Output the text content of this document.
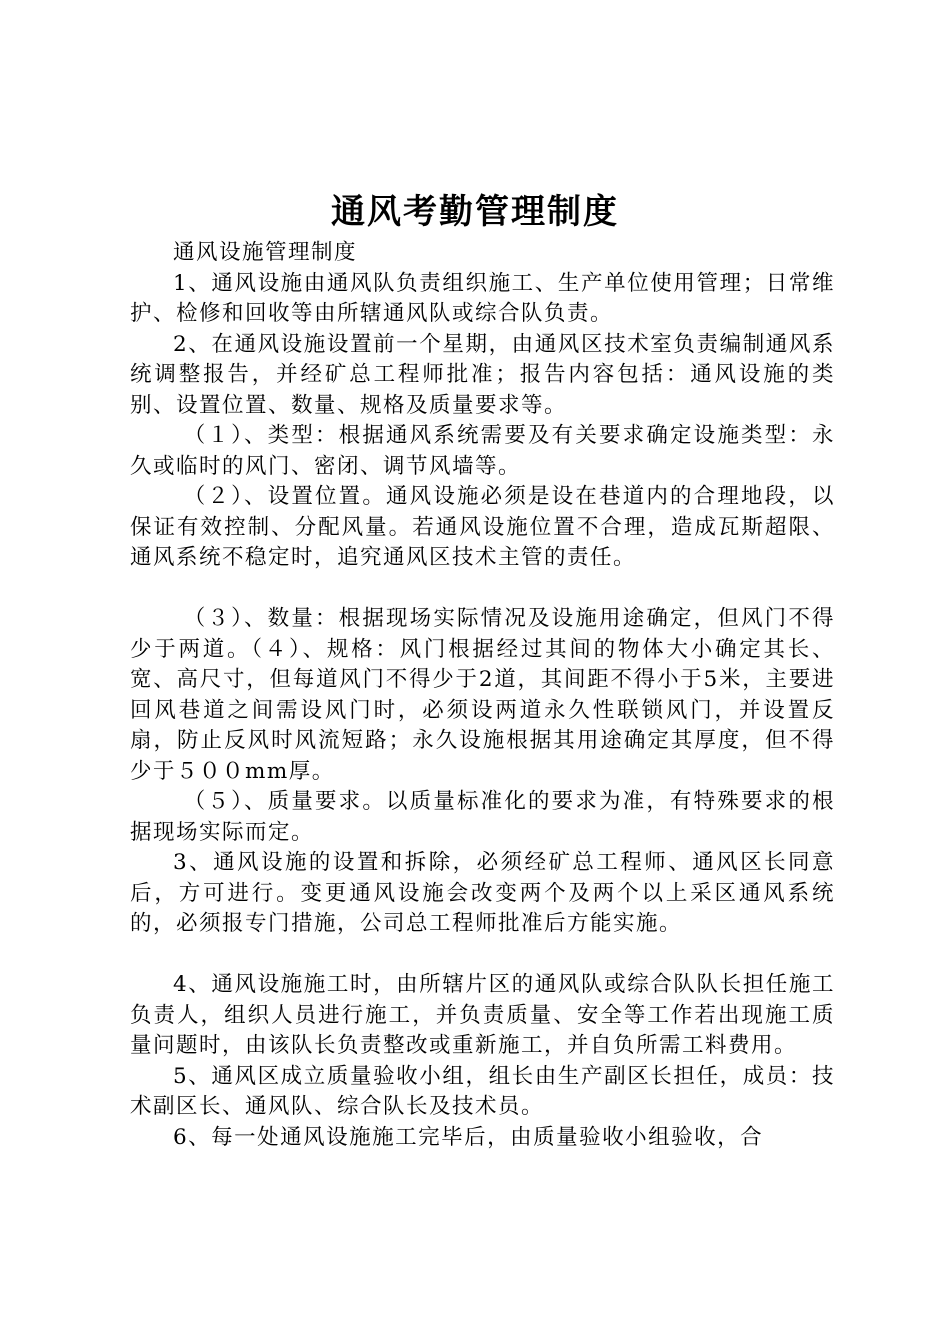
通风考勤管理制度

通风设施管理制度

1、通风设施由通风队负责组织施工、生产单位使用管理；日常维护、检修和回收等由所辖通风队或综合队负责。

2、在通风设施设置前一个星期，由通风区技术室负责编制通风系统调整报告，并经矿总工程师批准；报告内容包括：通风设施的类别、设置位置、数量、规格及质量要求等。

（１）、类型：根据通风系统需要及有关要求确定设施类型：永久或临时的风门、密闭、调节风墙等。

（２）、设置位置。通风设施必须是设在巷道内的合理地段，以保证有效控制、分配风量。若通风设施位置不合理，造成瓦斯超限、通风系统不稳定时，追究通风区技术主管的责任。

（３）、数量：根据现场实际情况及设施用途确定，但风门不得少于两道。（４）、规格：风门根据经过其间的物体大小确定其长、宽、高尺寸，但每道风门不得少于2道，其间距不得小于5米，主要进回风巷道之间需设风门时，必须设两道永久性联锁风门，并设置反扇，防止反风时风流短路；永久设施根据其用途确定其厚度，但不得少于５００mm厚。

（５）、质量要求。以质量标准化的要求为准，有特殊要求的根据现场实际而定。

3、通风设施的设置和拆除，必须经矿总工程师、通风区长同意后，方可进行。变更通风设施会改变两个及两个以上采区通风系统的，必须报专门措施，公司总工程师批准后方能实施。

4、通风设施施工时，由所辖片区的通风队或综合队队长担任施工负责人，组织人员进行施工，并负责质量、安全等工作若出现施工质量问题时，由该队长负责整改或重新施工，并自负所需工料费用。

5、通风区成立质量验收小组，组长由生产副区长担任，成员：技术副区长、通风队、综合队长及技术员。

6、每一处通风设施施工完毕后，由质量验收小组验收，合
